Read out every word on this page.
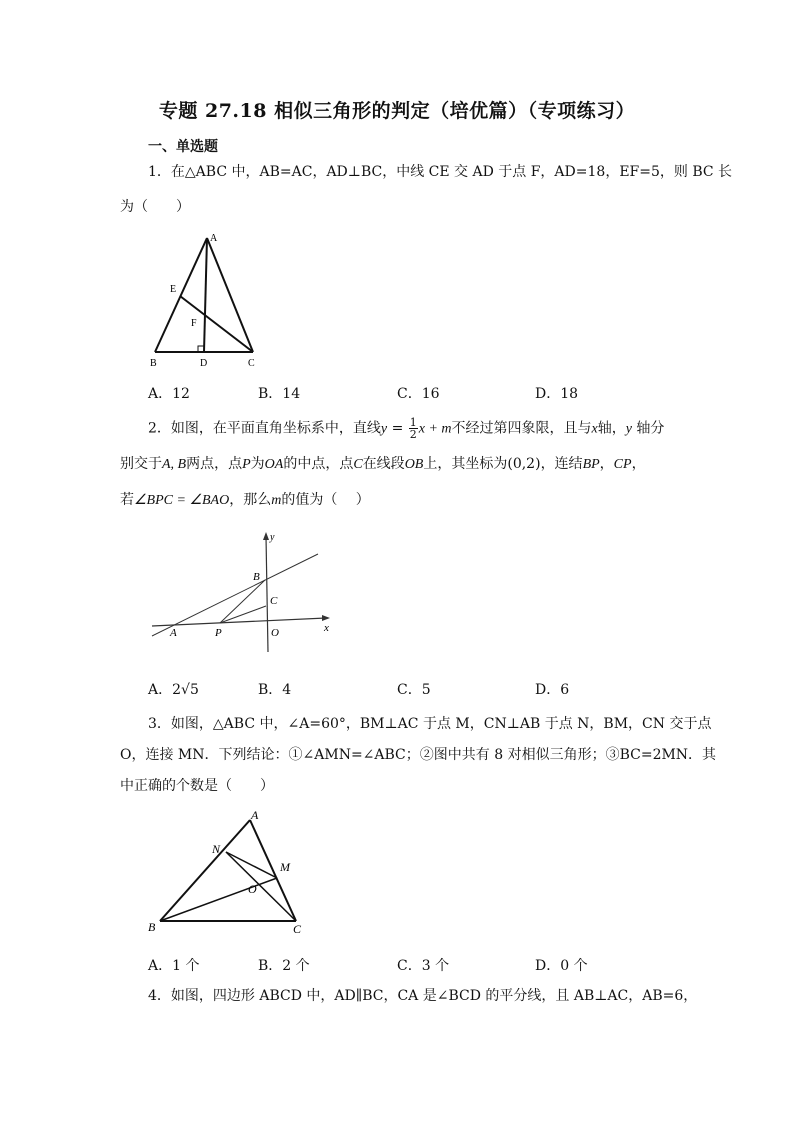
专题 27.18 相似三角形的判定（培优篇）（专项练习）
一、单选题
1．在△ABC 中，AB=AC，AD⊥BC，中线 CE 交 AD 于点 F，AD=18，EF=5，则 BC 长
为（　　）
A
E
F
B	D	C
A．12	B．14	C．16	D．18
2．如图，在平面直角坐标系中，直线$y = \frac{1}{2}$ x + m不经过第四象限，且与x轴，y 轴分
别交于A, B两点，点P为OA的中点，点C在线段OB上，其坐标为(0,2)，连结BP，CP，
若∠BPC = ∠BAO，那么m的值为（　 ）
y
x
B
C
A	P	O
A．2√5	B．4	C．5	D．6
3．如图，△ABC 中，∠A=60°，BM⊥AC 于点 M，CN⊥AB 于点 N，BM，CN 交于点
O，连接 MN．下列结论：①∠AMN=∠ABC；②图中共有 8 对相似三角形；③BC=2MN．其
中正确的个数是（　　）
A
N
M
O
B	C
A．1 个	B．2 个	C．3 个	D．0 个
4．如图，四边形 ABCD 中，AD∥BC，CA 是∠BCD 的平分线，且 AB⊥AC，AB=6，
